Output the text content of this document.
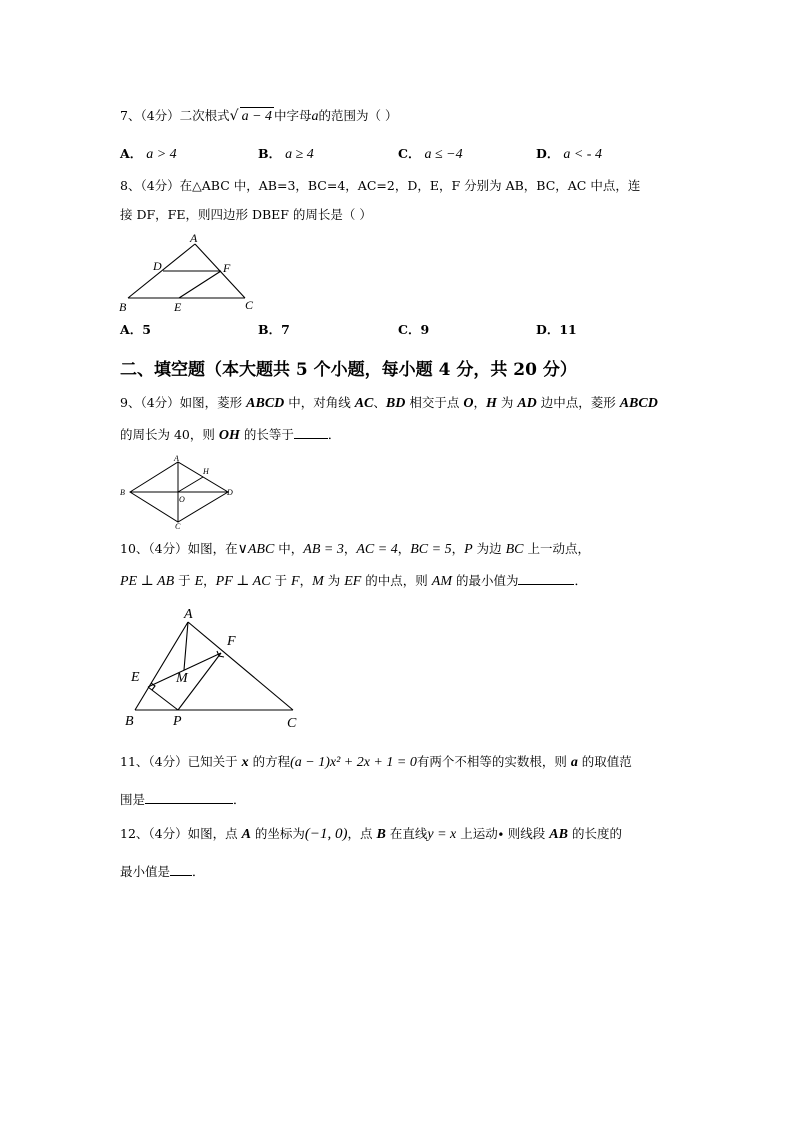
7、（4分）二次根式√ a − 4 中字母a的范围为（ ）
A． a > 4	B． a ≥ 4	C． a ≤ −4	D． a < - 4
8、（4分）在△ABC 中，AB=3，BC=4，AC=2，D，E，F 分别为 AB，BC，AC 中点，连
接 DF，FE，则四边形 DBEF 的周长是（ ）
A
D	F
B	E	C
A．5	B．7	C．9	D．11
二、填空题（本大题共 5 个小题，每小题 4 分，共 20 分）
9、（4分）如图，菱形 ABCD 中，对角线 AC、BD 相交于点 O，H 为 AD 边中点，菱形 ABCD
的周长为 40，则 OH 的长等于	．
A
H
B	D
O
C
10、（4分）如图，在∨ABC 中，AB = 3，AC = 4，BC = 5，P 为边 BC 上一动点，
PE ⊥ AB 于 E，PF ⊥ AC 于 F，M 为 EF 的中点，则 AM 的最小值为	．
A
F
E	M
B	P	C
11、（4分）已知关于 x 的方程(a − 1)x² + 2x + 1 = 0有两个不相等的实数根，则 a 的取值范
围是	．
12、（4分）如图，点 A 的坐标为(−1, 0)，点 B 在直线y = x 上运动∙ 则线段 AB 的长度的
最小值是 ．
